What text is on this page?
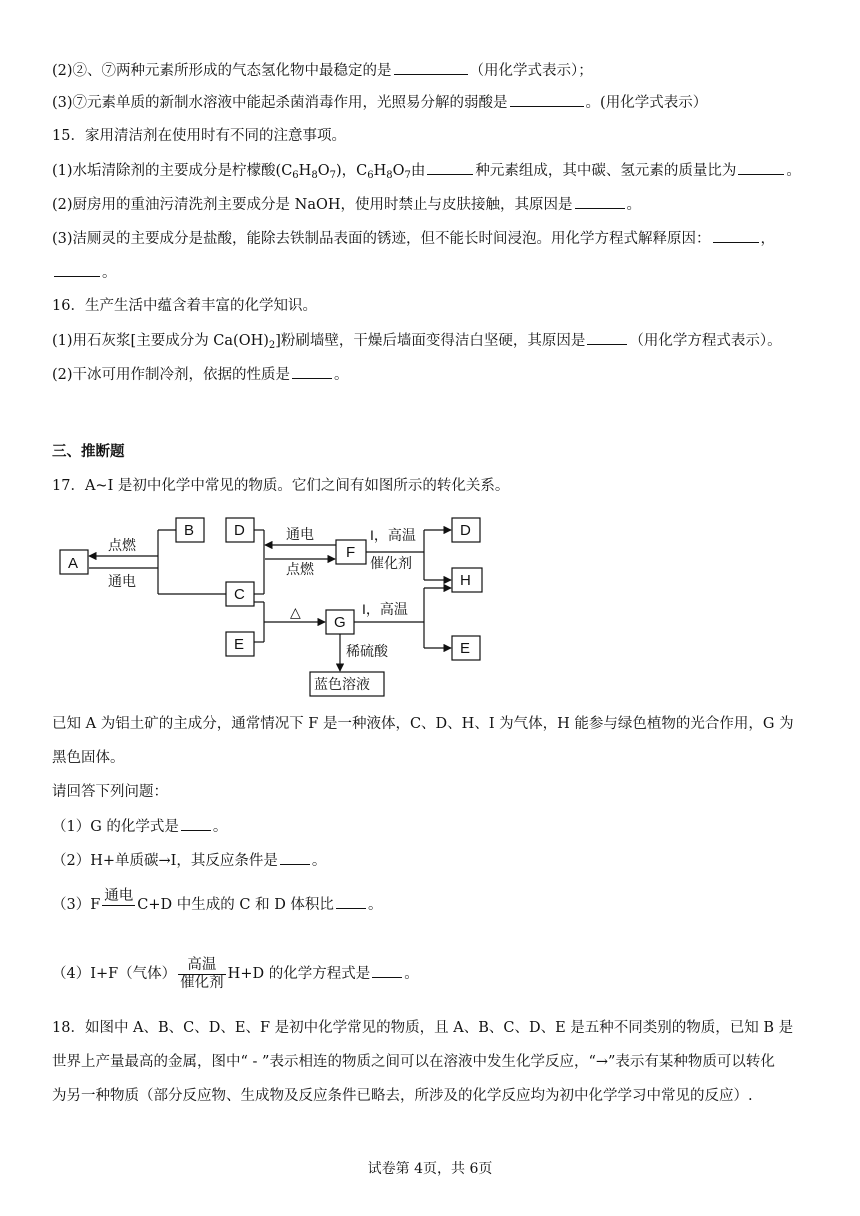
(2)②、⑦两种元素所形成的气态氢化物中最稳定的是	（用化学式表示）；
(3)⑦元素单质的新制水溶液中能起杀菌消毒作用，光照易分解的弱酸是	。(用化学式表示）
15．家用清洁剂在使用时有不同的注意事项。
(1)水垢清除剂的主要成分是柠檬酸$(C_6H_8O_7)$，$C_6H_8O_7$由	种元素组成，其中碳、氢元素的质量比为	。
(2)厨房用的重油污清洗剂主要成分是 NaOH，使用时禁止与皮肤接触，其原因是	。
(3)洁厕灵的主要成分是盐酸，能除去铁制品表面的锈迹，但不能长时间浸泡。用化学方程式解释原因：	，
。
16．生产生活中蕴含着丰富的化学知识。
(1)用石灰浆[主要成分为 $Ca(OH)_2$]粉刷墙壁，干燥后墙面变得洁白坚硬，其原因是	（用化学方程式表示）。
(2)干冰可用作制冷剂，依据的性质是	。
三、推断题
17．A~I 是初中化学中常见的物质。它们之间有如图所示的转化关系。
A
B	D
C
E
F
D
H
G
E
蓝色溶液
点燃
通电
通电
点燃
I，高温
催化剂
△	I，高温
稀硫酸
已知 A 为铝土矿的主成分，通常情况下 F 是一种液体，C、D、H、I 为气体，H 能参与绿色植物的光合作用，G 为
黑色固体。
请回答下列问题：
（1）G 的化学式是 。
（2）H+单质碳→I，其反应条件是 。
（3）F
通电
C+D 中生成的 C 和 D 体积比 。
（4）I+F（气体）
高温
催化剂
H+D 的化学方程式是 。
18．如图中 A、B、C、D、E、F 是初中化学常见的物质，且 A、B、C、D、E 是五种不同类别的物质，已知 B 是
世界上产量最高的金属，图中“ - ”表示相连的物质之间可以在溶液中发生化学反应，“→”表示有某种物质可以转化
为另一种物质（部分反应物、生成物及反应条件已略去，所涉及的化学反应均为初中化学学习中常见的反应）.
试卷第 4页，共 6页
